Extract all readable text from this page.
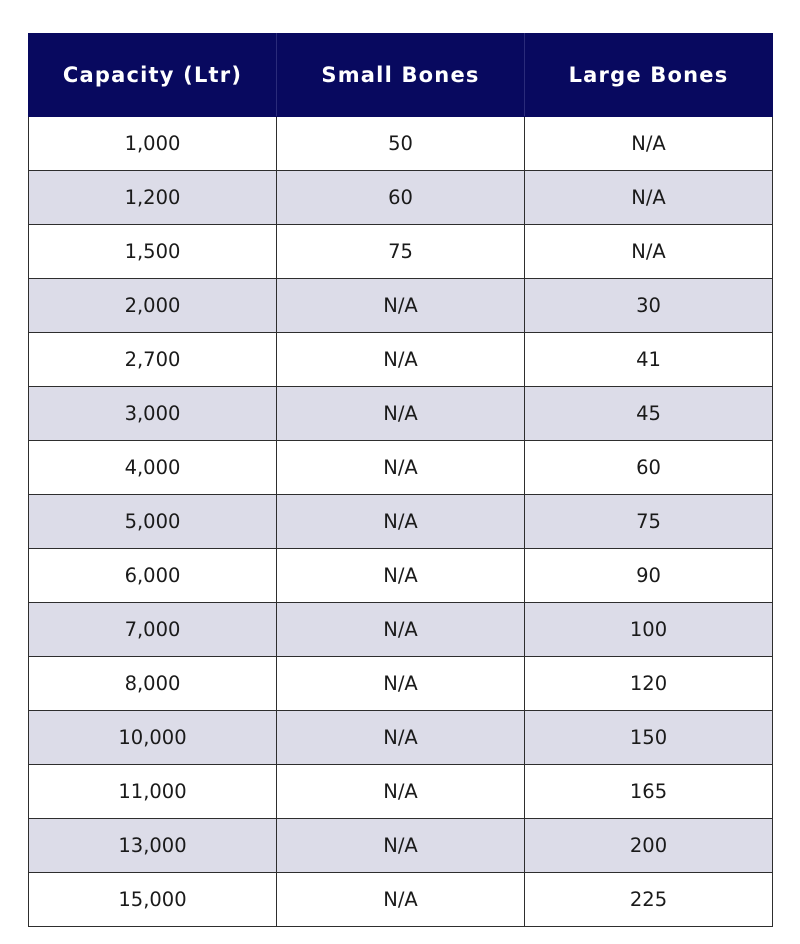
Capacity (Ltr)	Small Bones	Large Bones
1,000	50	N/A
1,200	60	N/A
1,500	75	N/A
2,000	N/A	30
2,700	N/A	41
3,000	N/A	45
4,000	N/A	60
5,000	N/A	75
6,000	N/A	90
7,000	N/A	100
8,000	N/A	120
10,000	N/A	150
11,000	N/A	165
13,000	N/A	200
15,000	N/A	225
